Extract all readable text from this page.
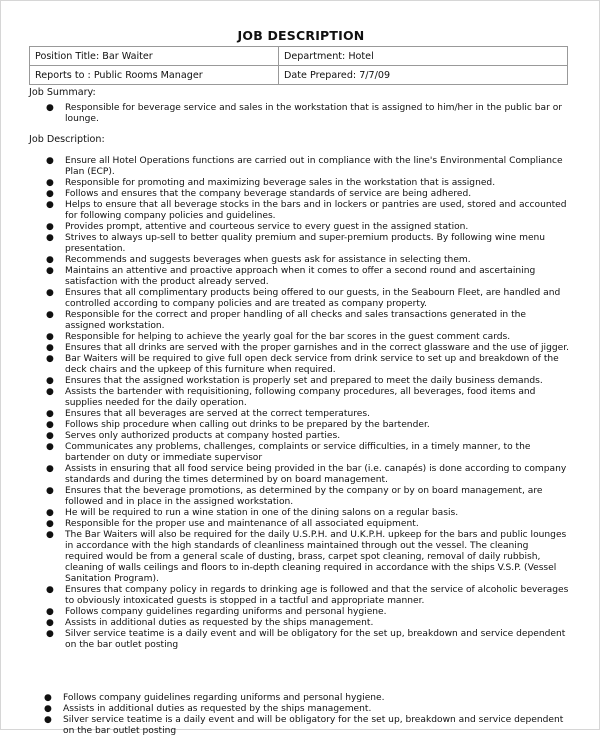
JOB DESCRIPTION
Position Title: Bar Waiter	Department: Hotel
Reports to : Public Rooms Manager	Date Prepared: 7/7/09
Job Summary:
● Responsible for beverage service and sales in the workstation that is assigned to him/her in the public bar or lounge.
Job Description:
● Ensure all Hotel Operations functions are carried out in compliance with the line's Environmental Compliance Plan (ECP).
● Responsible for promoting and maximizing beverage sales in the workstation that is assigned.
● Follows and ensures that the company beverage standards of service are being adhered.
● Helps to ensure that all beverage stocks in the bars and in lockers or pantries are used, stored and accounted for following company policies and guidelines.
● Provides prompt, attentive and courteous service to every guest in the assigned station.
● Strives to always up-sell to better quality premium and super-premium products. By following wine menu presentation.
● Recommends and suggests beverages when guests ask for assistance in selecting them.
● Maintains an attentive and proactive approach when it comes to offer a second round and ascertaining satisfaction with the product already served.
● Ensures that all complimentary products being offered to our guests, in the Seabourn Fleet, are handled and controlled according to company policies and are treated as company property.
● Responsible for the correct and proper handling of all checks and sales transactions generated in the assigned workstation.
● Responsible for helping to achieve the yearly goal for the bar scores in the guest comment cards.
● Ensures that all drinks are served with the proper garnishes and in the correct glassware and the use of jigger.
● Bar Waiters will be required to give full open deck service from drink service to set up and breakdown of the deck chairs and the upkeep of this furniture when required.
● Ensures that the assigned workstation is properly set and prepared to meet the daily business demands.
● Assists the bartender with requisitioning, following company procedures, all beverages, food items and supplies needed for the daily operation.
● Ensures that all beverages are served at the correct temperatures.
● Follows ship procedure when calling out drinks to be prepared by the bartender.
● Serves only authorized products at company hosted parties.
● Communicates any problems, challenges, complaints or service difficulties, in a timely manner, to the bartender on duty or immediate supervisor
● Assists in ensuring that all food service being provided in the bar (i.e. canapés) is done according to company standards and during the times determined by on board management.
● Ensures that the beverage promotions, as determined by the company or by on board management, are followed and in place in the assigned workstation.
● He will be required to run a wine station in one of the dining salons on a regular basis.
● Responsible for the proper use and maintenance of all associated equipment.
● The Bar Waiters will also be required for the daily U.S.P.H. and U.K.P.H. upkeep for the bars and public lounges in accordance with the high standards of cleanliness maintained through out the vessel. The cleaning required would be from a general scale of dusting, brass, carpet spot cleaning, removal of daily rubbish, cleaning of walls ceilings and floors to in-depth cleaning required in accordance with the ships V.S.P. (Vessel Sanitation Program).
● Ensures that company policy in regards to drinking age is followed and that the service of alcoholic beverages to obviously intoxicated guests is stopped in a tactful and appropriate manner.
● Follows company guidelines regarding uniforms and personal hygiene.
● Assists in additional duties as requested by the ships management.
● Silver service teatime is a daily event and will be obligatory for the set up, breakdown and service dependent on the bar outlet posting
● Follows company guidelines regarding uniforms and personal hygiene.
● Assists in additional duties as requested by the ships management.
● Silver service teatime is a daily event and will be obligatory for the set up, breakdown and service dependent on the bar outlet posting
